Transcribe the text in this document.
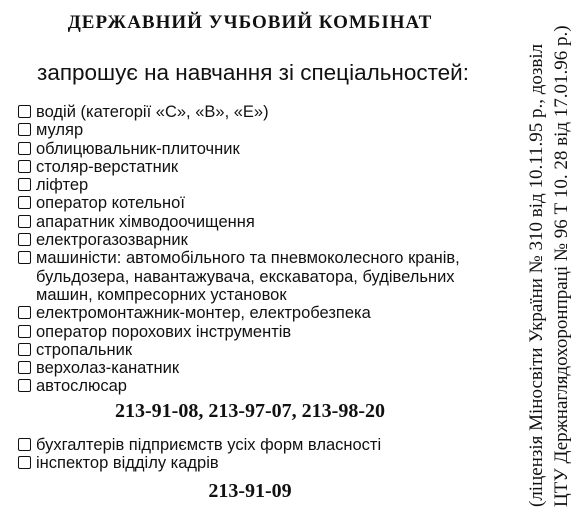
ДЕРЖАВНИЙ УЧБОВИЙ КОМБІНАТ
запрошує на навчання зі спеціальностей:
водій (категорії «С», «В», «Е»)
муляр
облицювальник-плиточник
столяр-верстатник
ліфтер
оператор котельної
апаратник хімводоочищення
електрогазозварник
машиністи: автомобільного та пневмоколесного кранів,
бульдозера, навантажувача, екскаватора, будівельних
машин, компресорних установок
електромонтажник-монтер, електробезпека
оператор порохових інструментів
стропальник
верхолаз-канатник
автослюсар
213-91-08, 213-97-07, 213-98-20
бухгалтерів підприємств усіх форм власності
інспектор відділу кадрів
213-91-09	(ліцензія Міносвіти України № 310 від 10.11.95 р., дозвіл ЦТУ Держнаглядохоронпраці № 96 Т 10. 28 від 17.01.96 р.)
